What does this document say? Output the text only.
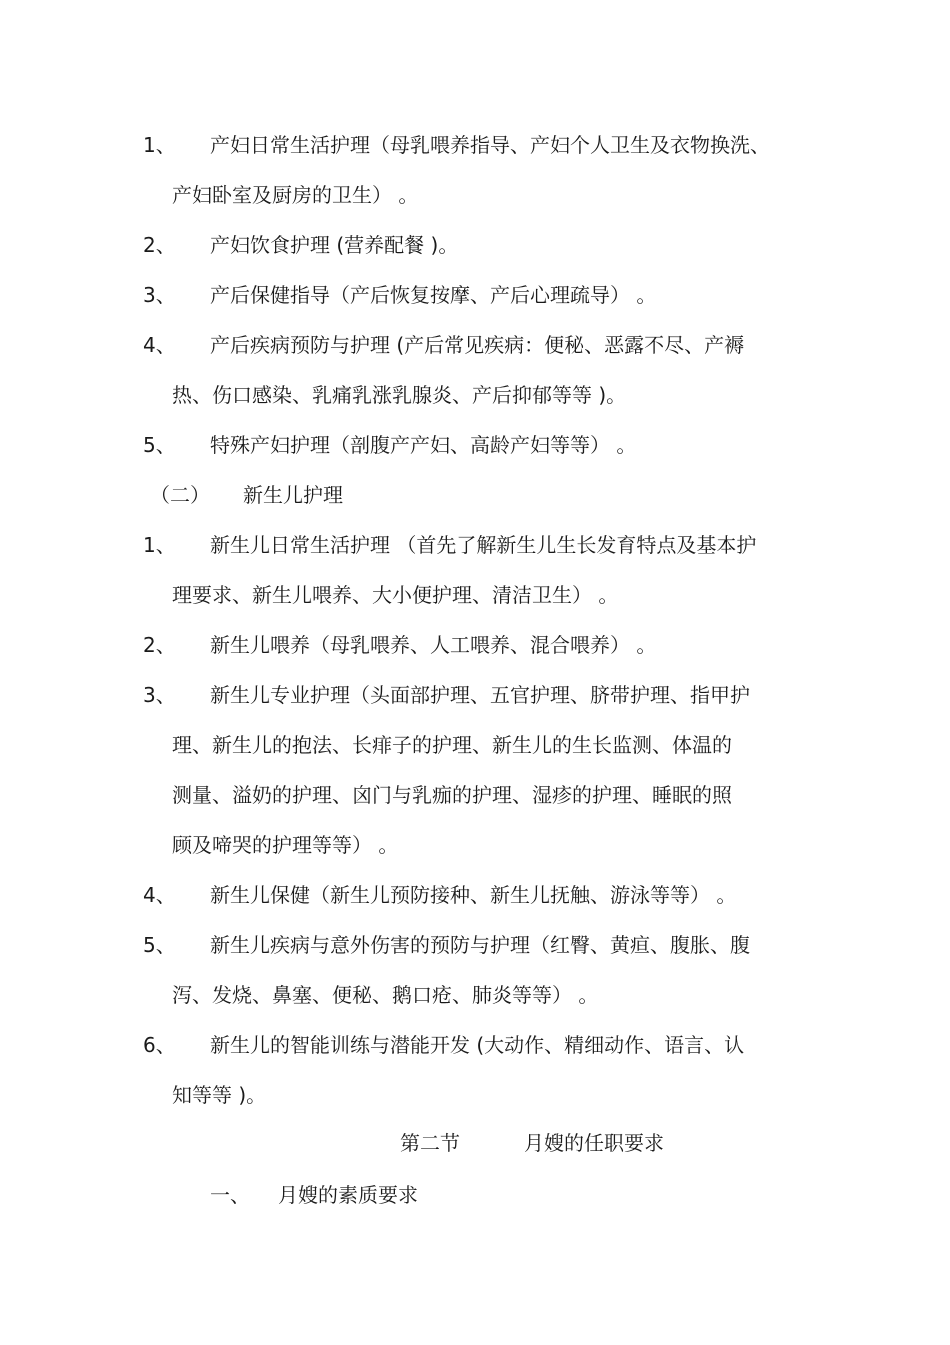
1、 产妇日常生活护理（母乳喂养指导、产妇个人卫生及衣物换洗、
产妇卧室及厨房的卫生） 。
2、 产妇饮食护理 (营养配餐 )。
3、 产后保健指导（产后恢复按摩、产后心理疏导） 。
4、 产后疾病预防与护理 (产后常见疾病：便秘、恶露不尽、产褥
热、伤口感染、乳痛乳涨乳腺炎、产后抑郁等等 )。
5、 特殊产妇护理（剖腹产产妇、高龄产妇等等） 。
（二） 新生儿护理
1、 新生儿日常生活护理 （首先了解新生儿生长发育特点及基本护
理要求、新生儿喂养、大小便护理、清洁卫生） 。
2、 新生儿喂养（母乳喂养、人工喂养、混合喂养） 。
3、 新生儿专业护理（头面部护理、五官护理、脐带护理、指甲护
理、新生儿的抱法、长痱子的护理、新生儿的生长监测、体温的
测量、溢奶的护理、囟门与乳痂的护理、湿疹的护理、睡眠的照
顾及啼哭的护理等等） 。
4、 新生儿保健（新生儿预防接种、新生儿抚触、游泳等等） 。
5、 新生儿疾病与意外伤害的预防与护理（红臀、黄疸、腹胀、腹
泻、发烧、鼻塞、便秘、鹅口疮、肺炎等等） 。
6、 新生儿的智能训练与潜能开发 (大动作、精细动作、语言、认
知等等 )。
第二节	月嫂的任职要求
一、 月嫂的素质要求
